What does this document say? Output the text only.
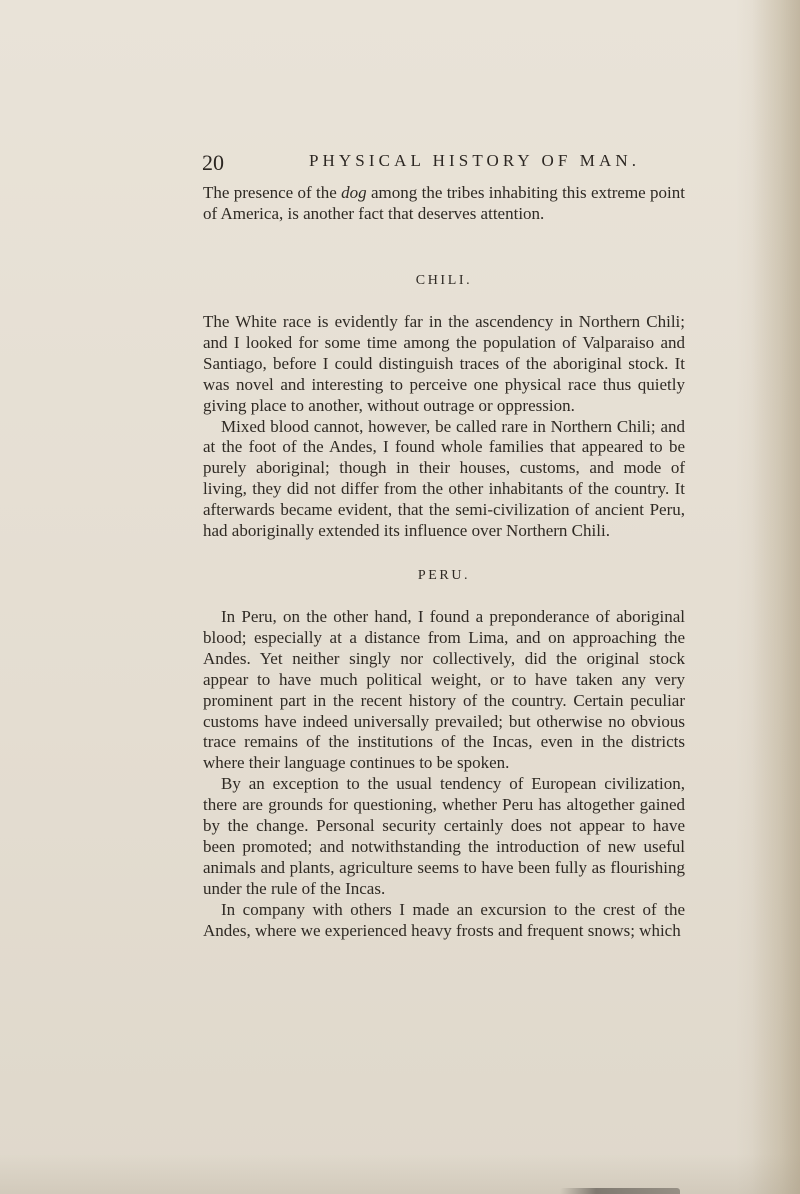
20	PHYSICAL HISTORY OF MAN.

The presence of the dog among the tribes inhabiting this extreme point of America, is another fact that deserves attention.

CHILI.

The White race is evidently far in the ascendency in Northern Chili; and I looked for some time among the population of Valparaiso and Santiago, before I could distinguish traces of the aboriginal stock. It was novel and interesting to perceive one physical race thus quietly giving place to another, without outrage or oppression.

Mixed blood cannot, however, be called rare in Northern Chili; and at the foot of the Andes, I found whole families that appeared to be purely aboriginal; though in their houses, customs, and mode of living, they did not differ from the other inhabitants of the country. It afterwards became evident, that the semi-civilization of ancient Peru, had aboriginally extended its influence over Northern Chili.

PERU.

In Peru, on the other hand, I found a preponderance of aboriginal blood; especially at a distance from Lima, and on approaching the Andes. Yet neither singly nor collectively, did the original stock appear to have much political weight, or to have taken any very prominent part in the recent history of the country. Certain peculiar customs have indeed universally prevailed; but otherwise no obvious trace remains of the institutions of the Incas, even in the districts where their language continues to be spoken.

By an exception to the usual tendency of European civilization, there are grounds for questioning, whether Peru has altogether gained by the change. Personal security certainly does not appear to have been promoted; and notwithstanding the introduction of new useful animals and plants, agriculture seems to have been fully as flourishing under the rule of the Incas.

In company with others I made an excursion to the crest of the Andes, where we experienced heavy frosts and frequent snows; which
